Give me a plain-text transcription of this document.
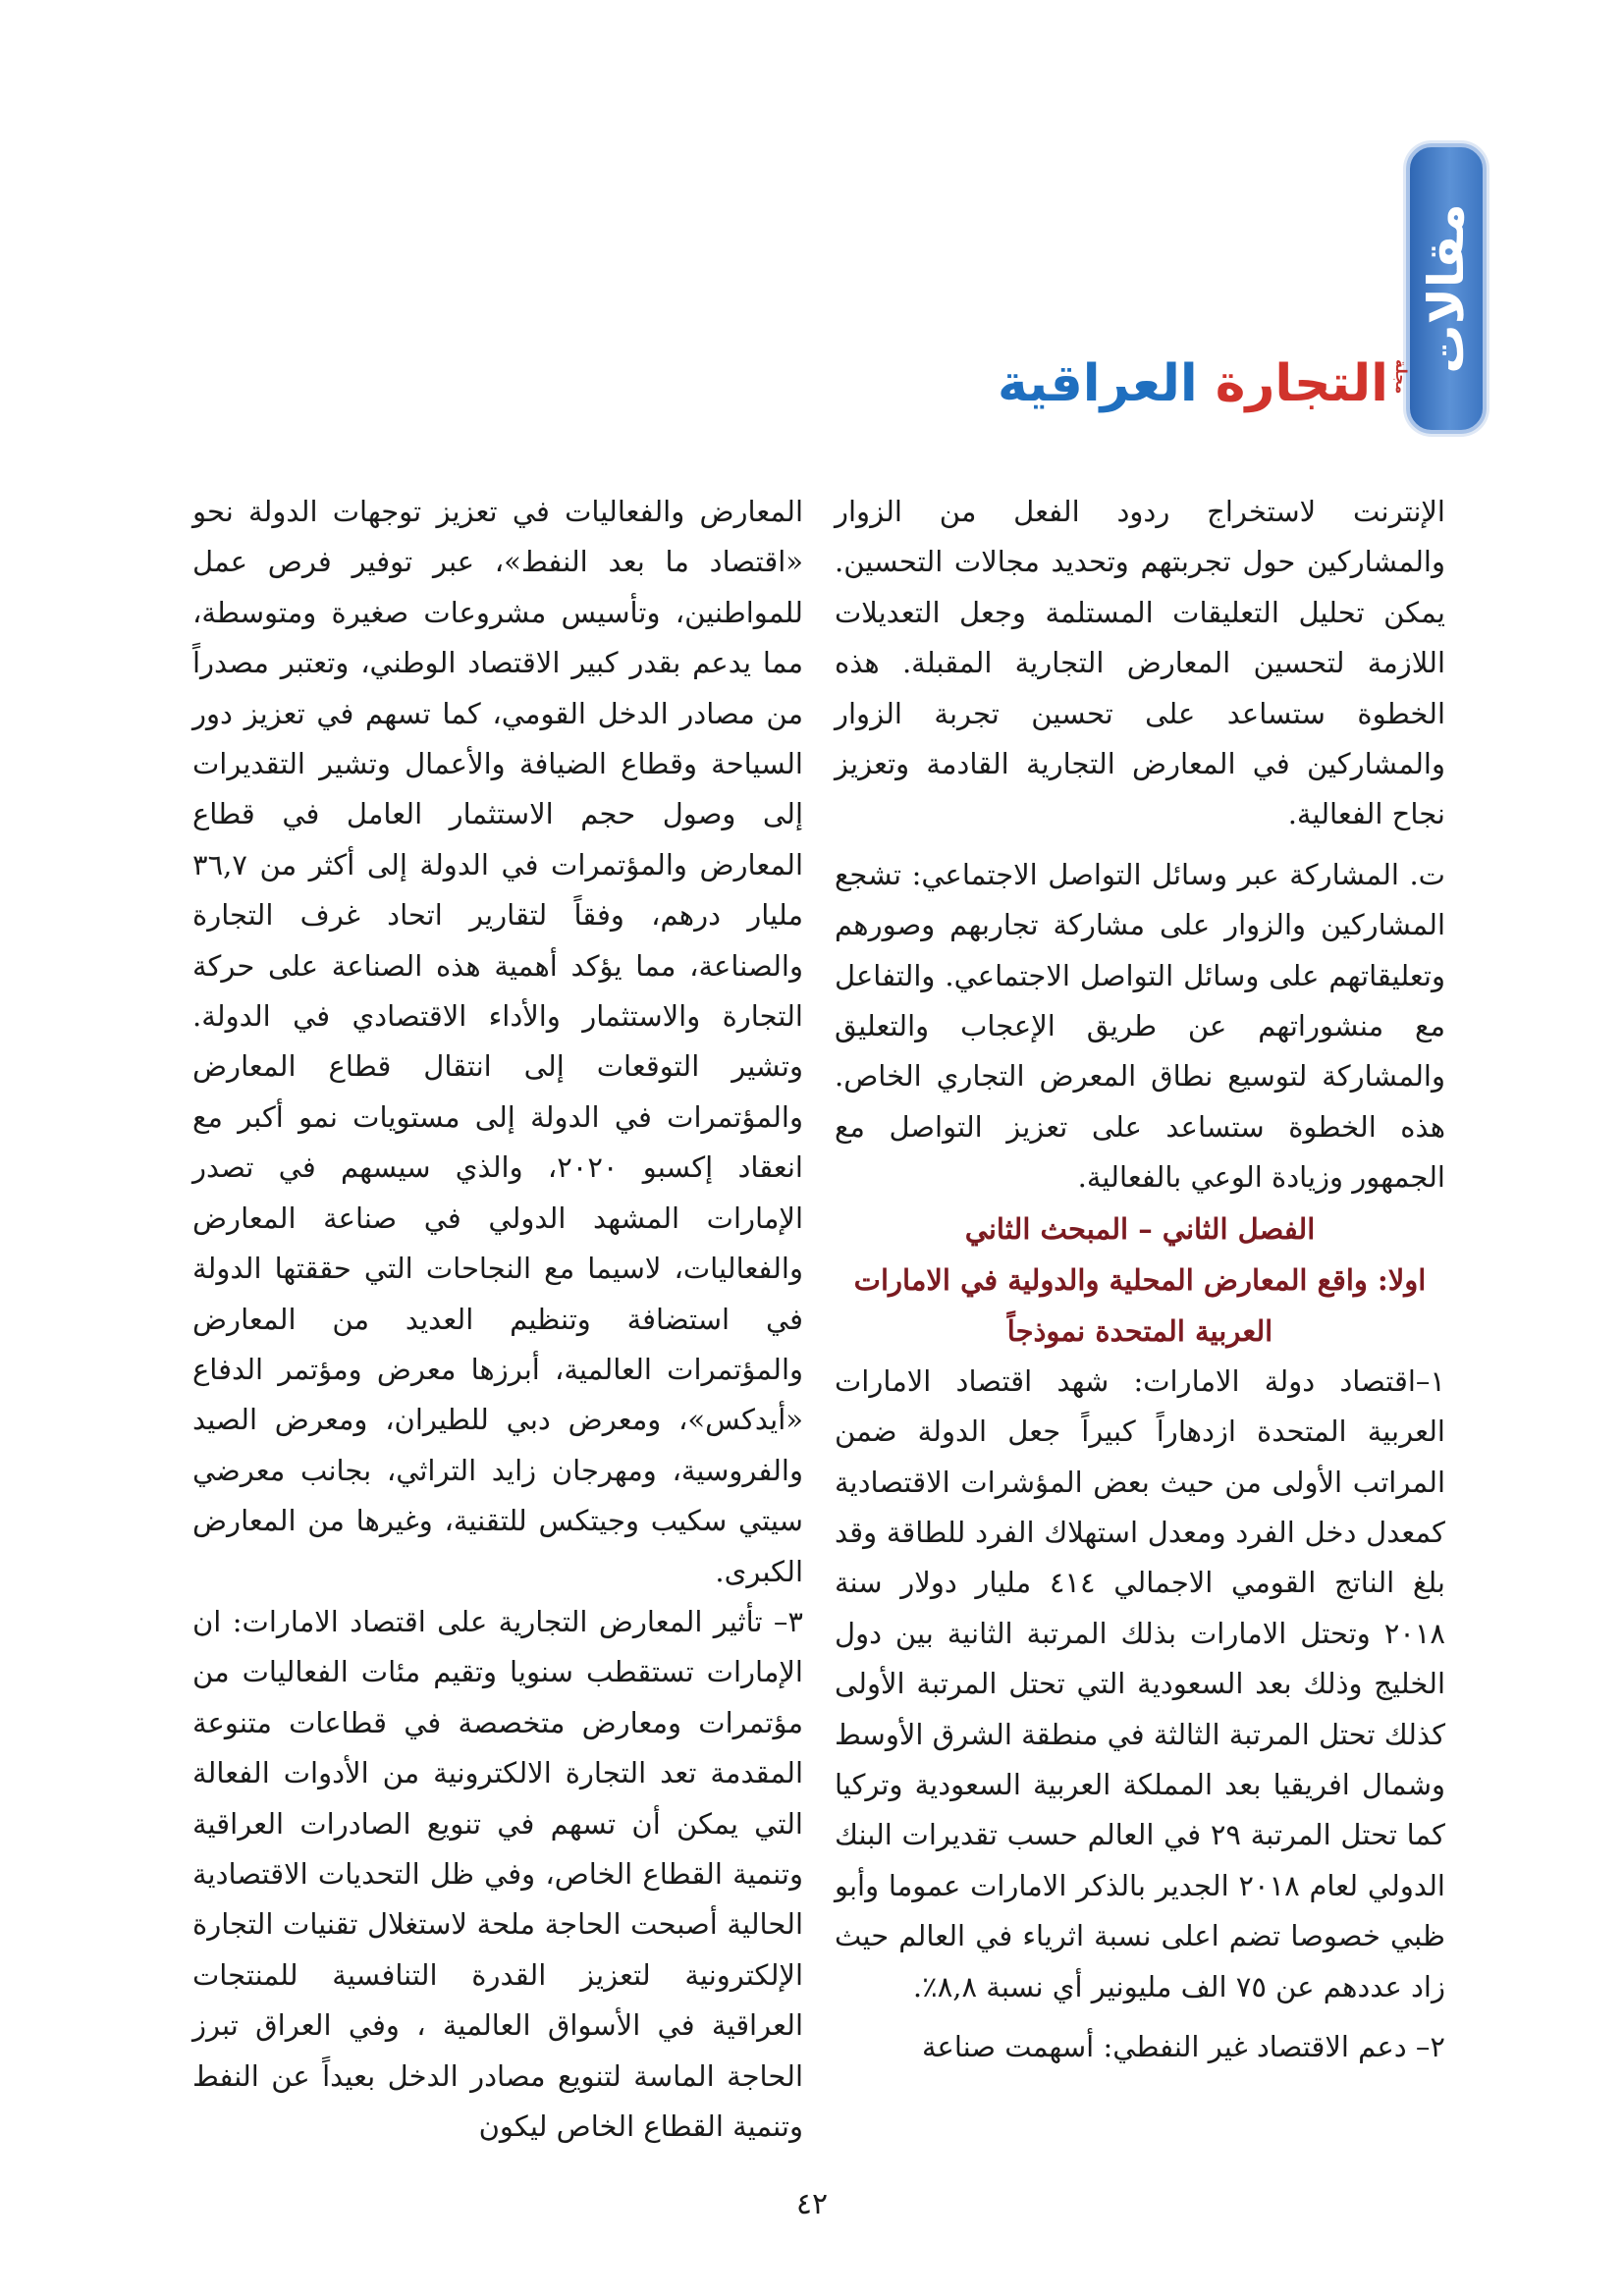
مقالات
مجلة
التجارة العراقية

الإنترنت لاستخراج ردود الفعل من الزوار والمشاركين حول تجربتهم وتحديد مجالات التحسين. يمكن تحليل التعليقات المستلمة وجعل التعديلات اللازمة لتحسين المعارض التجارية المقبلة. هذه الخطوة ستساعد على تحسين تجربة الزوار والمشاركين في المعارض التجارية القادمة وتعزيز نجاح الفعالية.

ت. المشاركة عبر وسائل التواصل الاجتماعي: تشجع المشاركين والزوار على مشاركة تجاربهم وصورهم وتعليقاتهم على وسائل التواصل الاجتماعي. والتفاعل مع منشوراتهم عن طريق الإعجاب والتعليق والمشاركة لتوسيع نطاق المعرض التجاري الخاص. هذه الخطوة ستساعد على تعزيز التواصل مع الجمهور وزيادة الوعي بالفعالية.

الفصل الثاني – المبحث الثاني

اولا: واقع المعارض المحلية والدولية في الامارات

العربية المتحدة نموذجاً

١–اقتصاد دولة الامارات: شهد اقتصاد الامارات العربية المتحدة ازدهاراً كبيراً جعل الدولة ضمن المراتب الأولى من حيث بعض المؤشرات الاقتصادية كمعدل دخل الفرد ومعدل استهلاك الفرد للطاقة وقد بلغ الناتج القومي الاجمالي ٤١٤ مليار دولار سنة ٢٠١٨ وتحتل الامارات بذلك المرتبة الثانية بين دول الخليج وذلك بعد السعودية التي تحتل المرتبة الأولى كذلك تحتل المرتبة الثالثة في منطقة الشرق الأوسط وشمال افريقيا بعد المملكة العربية السعودية وتركيا كما تحتل المرتبة ٢٩ في العالم حسب تقديرات البنك الدولي لعام ٢٠١٨ الجدير بالذكر الامارات عموما وأبو ظبي خصوصا تضم اعلى نسبة اثرياء في العالم حيث زاد عددهم عن ٧٥ الف مليونير أي نسبة ٨,٨٪.

٢– دعم الاقتصاد غير النفطي: أسهمت صناعة

المعارض والفعاليات في تعزيز توجهات الدولة نحو «اقتصاد ما بعد النفط»، عبر توفير فرص عمل للمواطنين، وتأسيس مشروعات صغيرة ومتوسطة، مما يدعم بقدر كبير الاقتصاد الوطني، وتعتبر مصدراً من مصادر الدخل القومي، كما تسهم في تعزيز دور السياحة وقطاع الضيافة والأعمال وتشير التقديرات إلى وصول حجم الاستثمار العامل في قطاع المعارض والمؤتمرات في الدولة إلى أكثر من ٣٦,٧ مليار درهم، وفقاً لتقارير اتحاد غرف التجارة والصناعة، مما يؤكد أهمية هذه الصناعة على حركة التجارة والاستثمار والأداء الاقتصادي في الدولة. وتشير التوقعات إلى انتقال قطاع المعارض والمؤتمرات في الدولة إلى مستويات نمو أكبر مع انعقاد إكسبو ٢٠٢٠، والذي سيسهم في تصدر الإمارات المشهد الدولي في صناعة المعارض والفعاليات، لاسيما مع النجاحات التي حققتها الدولة في استضافة وتنظيم العديد من المعارض والمؤتمرات العالمية، أبرزها معرض ومؤتمر الدفاع «أيدكس»، ومعرض دبي للطيران، ومعرض الصيد والفروسية، ومهرجان زايد التراثي، بجانب معرضي سيتي سكيب وجيتكس للتقنية، وغيرها من المعارض الكبرى.

٣– تأثير المعارض التجارية على اقتصاد الامارات: ان الإمارات تستقطب سنويا وتقيم مئات الفعاليات من مؤتمرات ومعارض متخصصة في قطاعات متنوعة المقدمة تعد التجارة الالكترونية من الأدوات الفعالة التي يمكن أن تسهم في تنويع الصادرات العراقية وتنمية القطاع الخاص، وفي ظل التحديات الاقتصادية الحالية أصبحت الحاجة ملحة لاستغلال تقنيات التجارة الإلكترونية لتعزيز القدرة التنافسية للمنتجات العراقية في الأسواق العالمية ، وفي العراق تبرز الحاجة الماسة لتنويع مصادر الدخل بعيداً عن النفط وتنمية القطاع الخاص ليكون

٤٢
